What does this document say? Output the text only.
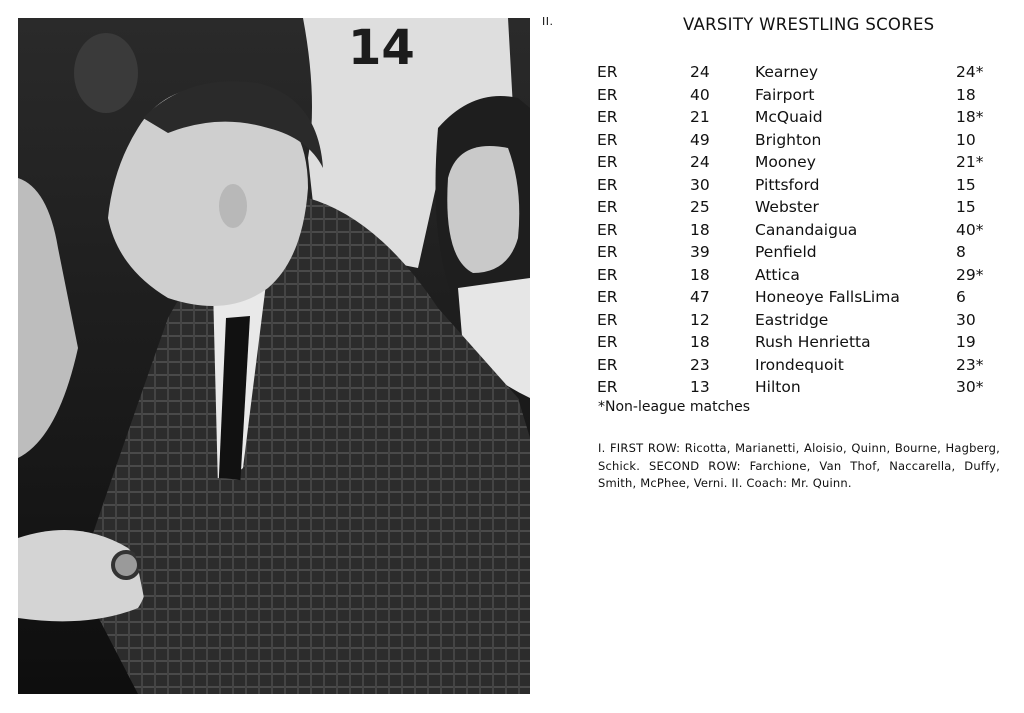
14	II.	VARSITY WRESTLING SCORES
ER	24	Kearney	24*
ER	40	Fairport	18
ER	21	McQuaid	18*
ER	49	Brighton	10
ER	24	Mooney	21*
ER	30	Pittsford	15
ER	25	Webster	15
ER	18	Canandaigua	40*
ER	39	Penfield	8
ER	18	Attica	29*
ER	47	Honeoye FallsLima	6
ER	12	Eastridge	30
ER	18	Rush Henrietta	19
ER	23	Irondequoit	23*
ER	13	Hilton	30*
*Non-league matches
I. FIRST ROW: Ricotta, Marianetti, Aloisio, Quinn, Bourne, Hagberg, Schick. SECOND ROW: Farchione, Van Thof, Naccarella, Duffy, Smith, McPhee, Verni. II. Coach: Mr. Quinn.
